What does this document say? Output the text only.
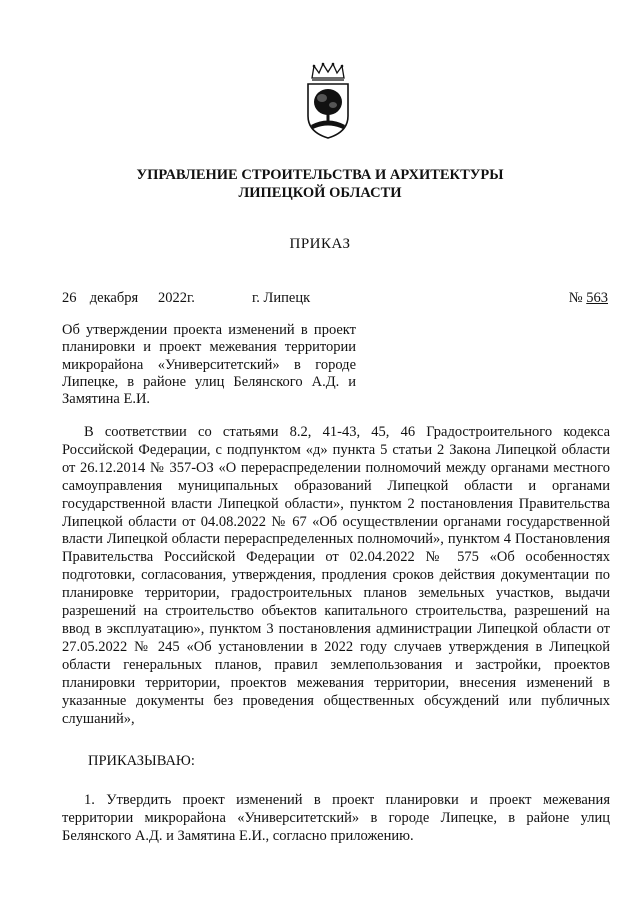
УПРАВЛЕНИЕ СТРОИТЕЛЬСТВА И АРХИТЕКТУРЫ
ЛИПЕЦКОЙ ОБЛАСТИ
ПРИКАЗ
26  декабря   2022г.	г. Липецк	№ 563
Об утверждении проекта изменений в проект планировки и проект межевания территории микрорайона «Университетский» в городе Липецке, в районе улиц Белянского А.Д. и Замятина Е.И.
В соответствии со статьями 8.2, 41-43, 45, 46 Градостроительного кодекса Российской Федерации, с подпунктом «д» пункта 5 статьи 2 Закона Липецкой области от 26.12.2014 № 357-ОЗ «О перераспределении полномочий между органами местного самоуправления муниципальных образований Липецкой области и органами государственной власти Липецкой области», пунктом 2 постановления Правительства Липецкой области от 04.08.2022 № 67 «Об осуществлении органами государственной власти Липецкой области перераспределенных полномочий», пунктом 4 Постановления Правительства Российской Федерации от 02.04.2022 № 575 «Об особенностях подготовки, согласования, утверждения, продления сроков действия документации по планировке территории, градостроительных планов земельных участков, выдачи разрешений на строительство объектов капитального строительства, разрешений на ввод в эксплуатацию», пунктом 3 постановления администрации Липецкой области от 27.05.2022 № 245 «Об установлении в 2022 году случаев утверждения в Липецкой области генеральных планов, правил землепользования и застройки, проектов планировки территории, проектов межевания территории, внесения изменений в указанные документы без проведения общественных обсуждений или публичных слушаний»,
ПРИКАЗЫВАЮ:
1. Утвердить проект изменений в проект планировки и проект межевания территории микрорайона «Университетский» в городе Липецке, в районе улиц Белянского А.Д. и Замятина Е.И., согласно приложению.
